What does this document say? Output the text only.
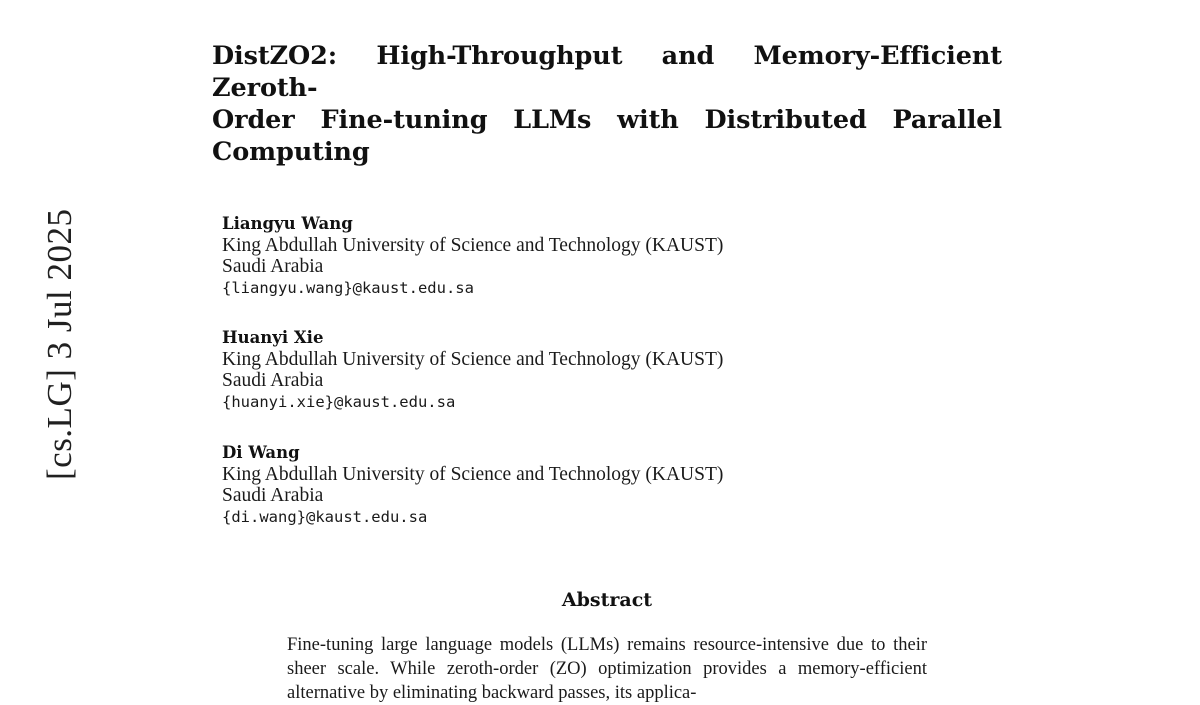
[cs.LG] 3 Jul 2025
DistZO2: High-Throughput and Memory-Efficient Zeroth-
Order Fine-tuning LLMs with Distributed Parallel Computing
Liangyu Wang
King Abdullah University of Science and Technology (KAUST)
Saudi Arabia
{liangyu.wang}@kaust.edu.sa
Huanyi Xie
King Abdullah University of Science and Technology (KAUST)
Saudi Arabia
{huanyi.xie}@kaust.edu.sa
Di Wang
King Abdullah University of Science and Technology (KAUST)
Saudi Arabia
{di.wang}@kaust.edu.sa
Abstract
Fine-tuning large language models (LLMs) remains resource-intensive due to their sheer scale. While zeroth-order (ZO) optimization provides a memory-efficient alternative by eliminating backward passes, its applica-
